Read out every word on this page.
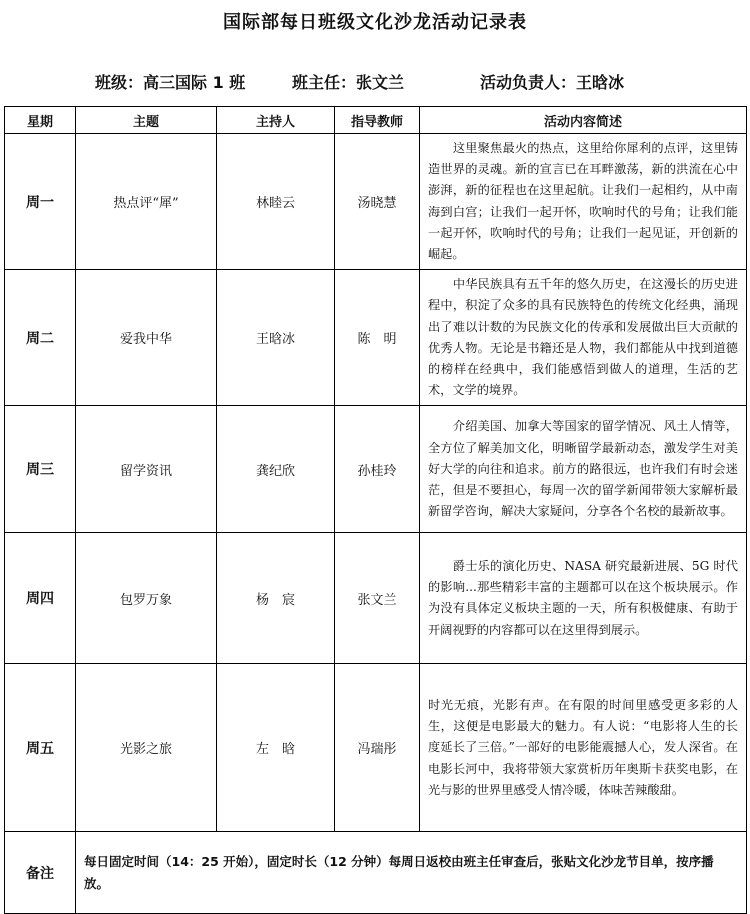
国际部每日班级文化沙龙活动记录表
班级：高三国际 1 班	班主任：张文兰	活动负责人：王晗冰
星期	主题	主持人	指导教师	活动内容简述
周一	热点评“犀”	林睦云	汤晓慧	　　这里聚焦最火的热点，这里给你犀利的点评，这里铸造世界的灵魂。新的宣言已在耳畔激荡，新的洪流在心中澎湃，新的征程也在这里起航。让我们一起相约，从中南海到白宫；让我们一起开怀，吹响时代的号角；让我们能一起开怀，吹响时代的号角；让我们一起见证，开创新的崛起。
周二	爱我中华	王晗冰	陈　明	　　中华民族具有五千年的悠久历史，在这漫长的历史进程中，积淀了众多的具有民族特色的传统文化经典，涌现出了难以计数的为民族文化的传承和发展做出巨大贡献的优秀人物。无论是书籍还是人物，我们都能从中找到道德的榜样在经典中，我们能感悟到做人的道理，生活的艺术，文学的境界。
周三	留学资讯	龚纪欣	孙桂玲	　　介绍美国、加拿大等国家的留学情况、风土人情等，全方位了解美加文化，明晰留学最新动态，激发学生对美好大学的向往和追求。前方的路很远，也许我们有时会迷茫，但是不要担心，每周一次的留学新闻带领大家解析最新留学咨询，解决大家疑问，分享各个名校的最新故事。
周四	包罗万象	杨　宸	张文兰	　　爵士乐的演化历史、NASA 研究最新进展、5G 时代的影响...那些精彩丰富的主题都可以在这个板块展示。作为没有具体定义板块主题的一天，所有积极健康、有助于开阔视野的内容都可以在这里得到展示。
周五	光影之旅	左　晗	冯瑞彤	时光无痕，光影有声。在有限的时间里感受更多彩的人生，这便是电影最大的魅力。有人说：“电影将人生的长度延长了三倍。”一部好的电影能震撼人心，发人深省。在电影长河中，我将带领大家赏析历年奥斯卡获奖电影，在光与影的世界里感受人情冷暖，体味苦辣酸甜。
备注	每日固定时间（14：25 开始），固定时长（12 分钟）每周日返校由班主任审查后，张贴文化沙龙节目单，按序播放。			
